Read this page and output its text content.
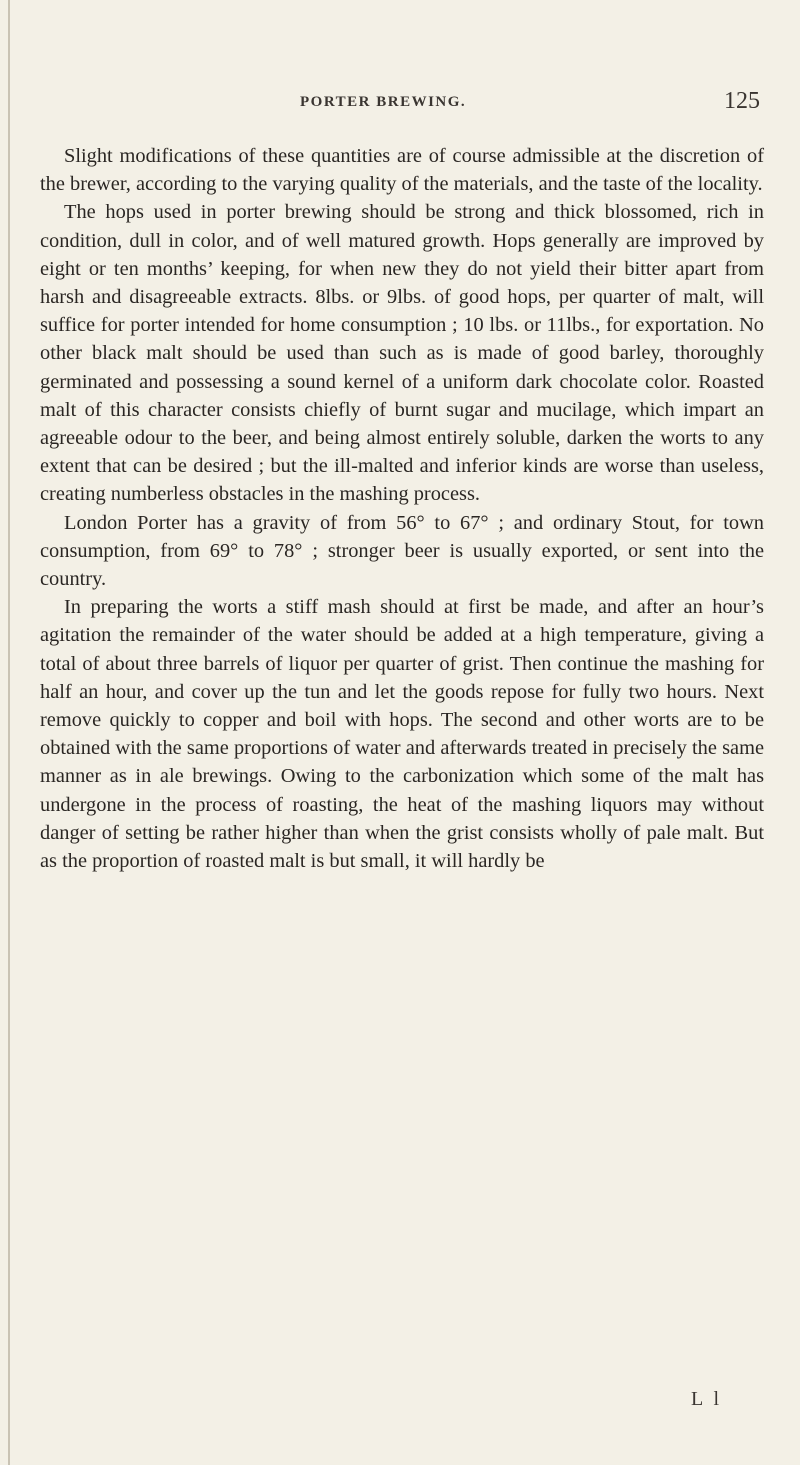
PORTER BREWING.	125

Slight modifications of these quantities are of course admissible at the discretion of the brewer, according to the varying quality of the materials, and the taste of the locality.

The hops used in porter brewing should be strong and thick blossomed, rich in condition, dull in color, and of well matured growth. Hops generally are improved by eight or ten months’ keeping, for when new they do not yield their bitter apart from harsh and disagreeable extracts. 8lbs. or 9lbs. of good hops, per quarter of malt, will suffice for porter intended for home consumption ; 10 lbs. or 11lbs., for exportation. No other black malt should be used than such as is made of good barley, thoroughly germinated and possessing a sound kernel of a uniform dark chocolate color. Roasted malt of this character consists chiefly of burnt sugar and mucilage, which impart an agreeable odour to the beer, and being almost entirely soluble, darken the worts to any extent that can be desired ; but the ill-malted and inferior kinds are worse than useless, creating numberless obstacles in the mashing process.

London Porter has a gravity of from 56° to 67° ; and ordinary Stout, for town consumption, from 69° to 78° ; stronger beer is usually exported, or sent into the country.

In preparing the worts a stiff mash should at first be made, and after an hour’s agitation the remainder of the water should be added at a high temperature, giving a total of about three barrels of liquor per quarter of grist. Then continue the mashing for half an hour, and cover up the tun and let the goods repose for fully two hours. Next remove quickly to copper and boil with hops. The second and other worts are to be obtained with the same proportions of water and afterwards treated in precisely the same manner as in ale brewings. Owing to the carbonization which some of the malt has undergone in the process of roasting, the heat of the mashing liquors may without danger of setting be rather higher than when the grist consists wholly of pale malt. But as the proportion of roasted malt is but small, it will hardly be

L l
